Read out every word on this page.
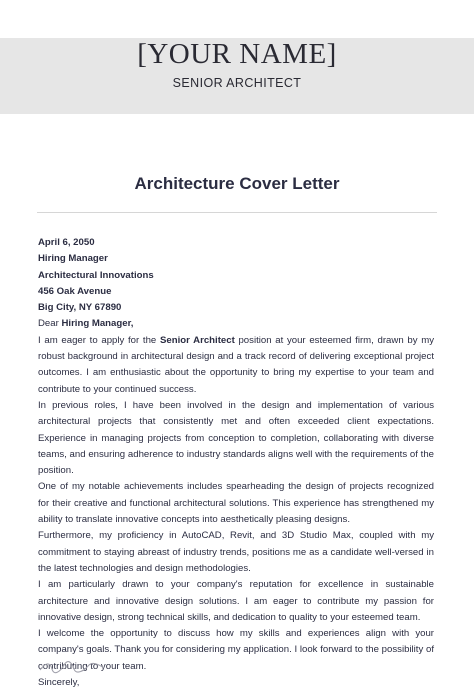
[YOUR NAME]
SENIOR ARCHITECT
Architecture Cover Letter
April 6, 2050
Hiring Manager
Architectural Innovations
456 Oak Avenue
Big City, NY 67890
Dear Hiring Manager,
I am eager to apply for the Senior Architect position at your esteemed firm, drawn by my robust background in architectural design and a track record of delivering exceptional project outcomes. I am enthusiastic about the opportunity to bring my expertise to your team and contribute to your continued success.
In previous roles, I have been involved in the design and implementation of various architectural projects that consistently met and often exceeded client expectations. Experience in managing projects from conception to completion, collaborating with diverse teams, and ensuring adherence to industry standards aligns well with the requirements of the position.
One of my notable achievements includes spearheading the design of projects recognized for their creative and functional architectural solutions. This experience has strengthened my ability to translate innovative concepts into aesthetically pleasing designs.
Furthermore, my proficiency in AutoCAD, Revit, and 3D Studio Max, coupled with my commitment to staying abreast of industry trends, positions me as a candidate well-versed in the latest technologies and design methodologies.
I am particularly drawn to your company's reputation for excellence in sustainable architecture and innovative design solutions. I am eager to contribute my passion for innovative design, strong technical skills, and dedication to quality to your esteemed team.
I welcome the opportunity to discuss how my skills and experiences align with your company's goals. Thank you for considering my application. I look forward to the possibility of contributing to your team.
Sincerely,
